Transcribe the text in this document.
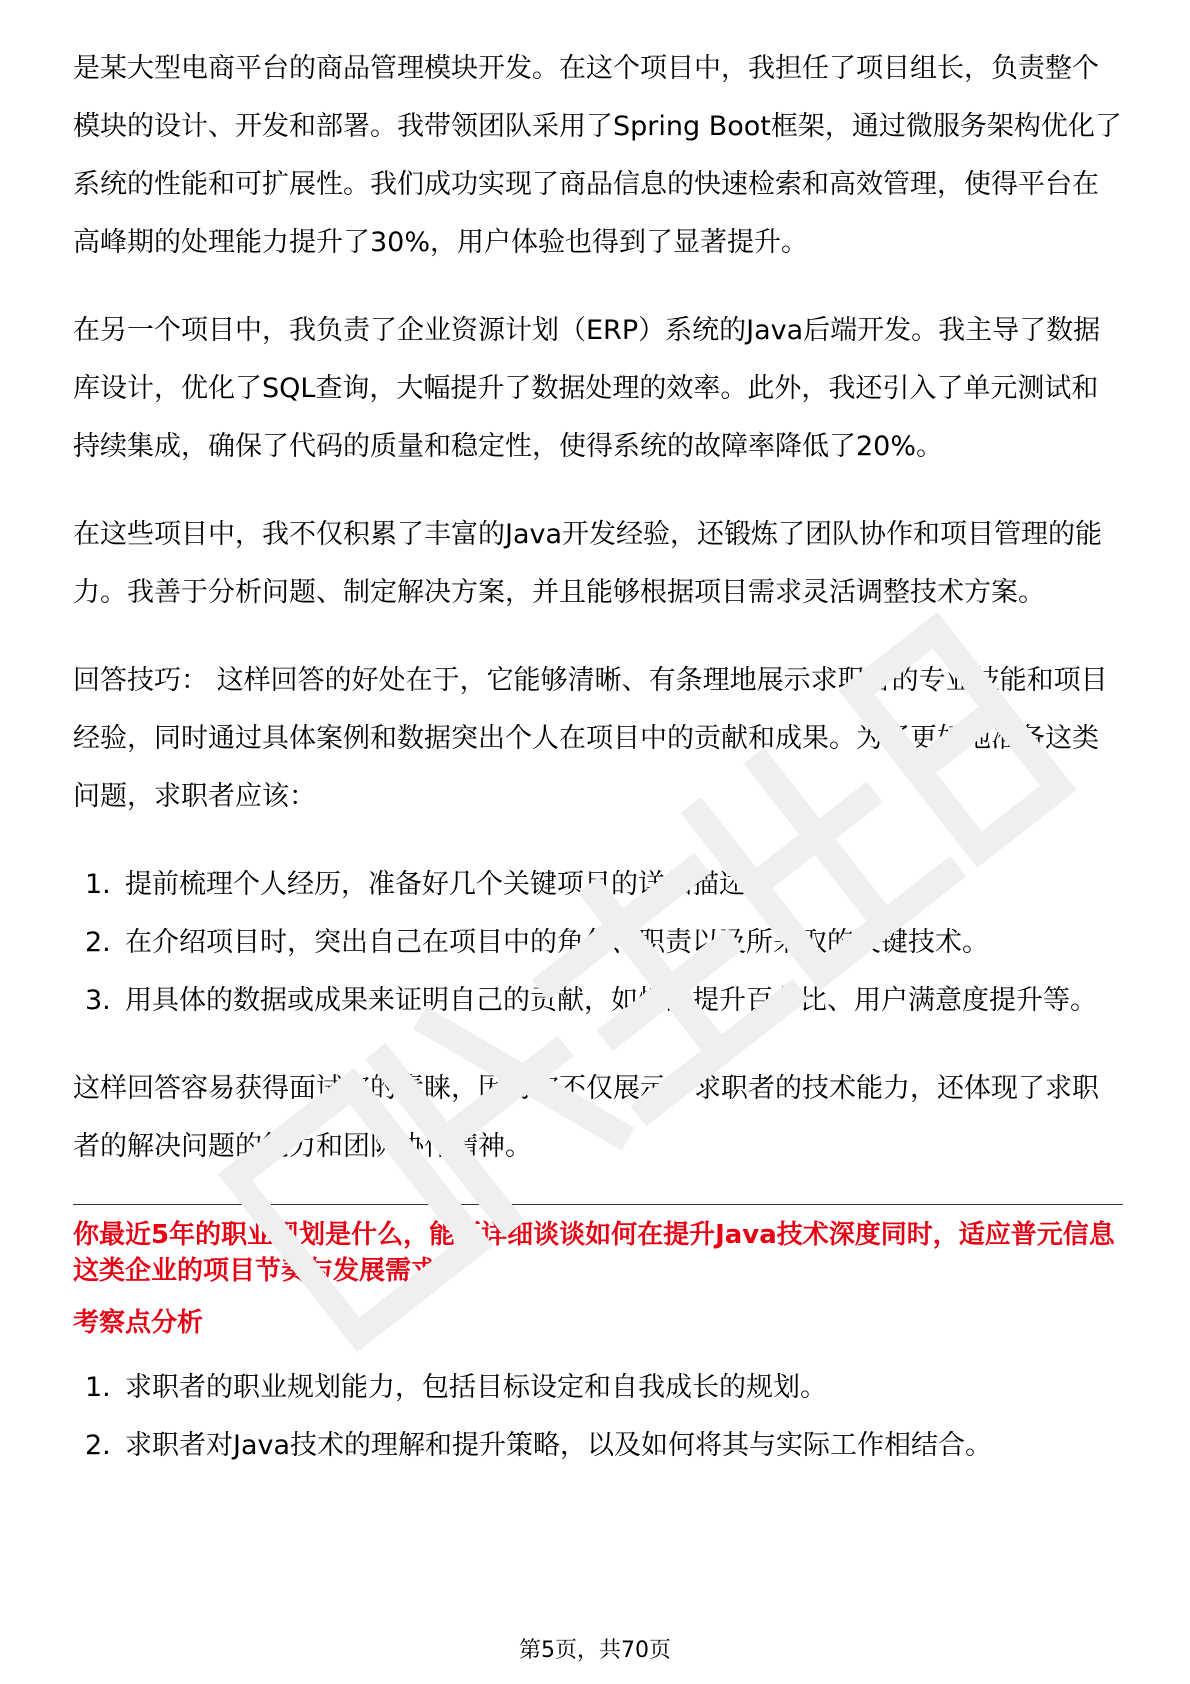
是某大型电商平台的商品管理模块开发。在这个项目中，我担任了项目组长，负责整个模块的设计、开发和部署。我带领团队采用了Spring Boot框架，通过微服务架构优化了系统的性能和可扩展性。我们成功实现了商品信息的快速检索和高效管理，使得平台在高峰期的处理能力提升了30%，用户体验也得到了显著提升。

在另一个项目中，我负责了企业资源计划（ERP）系统的Java后端开发。我主导了数据库设计，优化了SQL查询，大幅提升了数据处理的效率。此外，我还引入了单元测试和持续集成，确保了代码的质量和稳定性，使得系统的故障率降低了20%。

在这些项目中，我不仅积累了丰富的Java开发经验，还锻炼了团队协作和项目管理的能力。我善于分析问题、制定解决方案，并且能够根据项目需求灵活调整技术方案。

回答技巧： 这样回答的好处在于，它能够清晰、有条理地展示求职者的专业技能和项目经验，同时通过具体案例和数据突出个人在项目中的贡献和成果。为了更好地准备这类问题，求职者应该：

1. 提前梳理个人经历，准备好几个关键项目的详细描述。
2. 在介绍项目时，突出自己在项目中的角色、职责以及所采取的关键技术。
3. 用具体的数据或成果来证明自己的贡献，如性能提升百分比、用户满意度提升等。

这样回答容易获得面试官的青睐，因为它不仅展示了求职者的技术能力，还体现了求职者的解决问题的能力和团队协作精神。

你最近5年的职业规划是什么，能否详细谈谈如何在提升Java技术深度同时，适应普元信息这类企业的项目节奏与发展需求？

考察点分析

1. 求职者的职业规划能力，包括目标设定和自我成长的规划。
2. 求职者对Java技术的理解和提升策略，以及如何将其与实际工作相结合。
第5页，共70页
